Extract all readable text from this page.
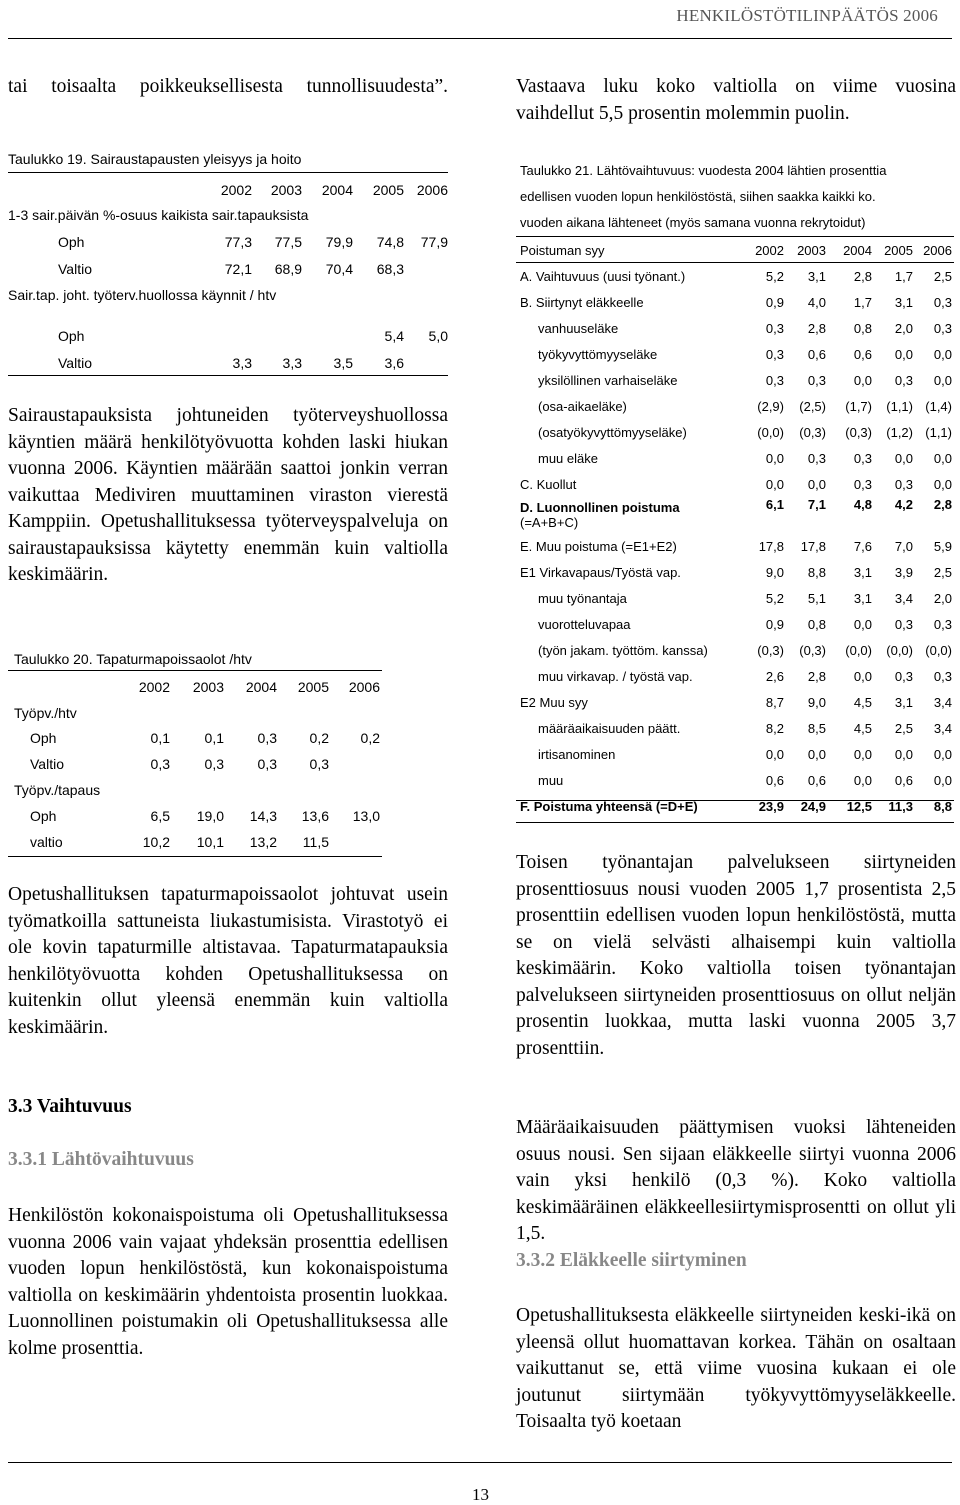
HENKILÖSTÖTILINPÄÄTÖS 2006
tai toisaalta poikkeuksellisesta tunnollisuudesta”.
Taulukko 19. Sairaustapausten yleisyys ja hoito
	2002	2003	2004	2005	2006
1-3 sair.päivän %-osuus kaikista sair.tapauksista					
Oph	77,3	77,5	79,9	74,8	77,9
Valtio	72,1	68,9	70,4	68,3	
Sair.tap. joht. työterv.huollossa käynnit / htv					

Oph				5,4	5,0
Valtio	3,3	3,3	3,5	3,6	
Sairaustapauksista johtuneiden työterveyshuollossa käyntien määrä henkilötyövuotta kohden laski hiukan vuonna 2006. Käyntien määrään saattoi jonkin verran vaikuttaa Mediviren muuttaminen viraston vierestä Kamppiin. Opetushallituksessa työterveyspalveluja on sairaustapauksissa käytetty enemmän kuin valtiolla keskimäärin.
Taulukko 20. Tapaturmapoissaolot /htv
	2002	2003	2004	2005	2006
Työpv./htv					
Oph	0,1	0,1	0,3	0,2	0,2
Valtio	0,3	0,3	0,3	0,3	
Työpv./tapaus					
Oph	6,5	19,0	14,3	13,6	13,0
valtio	10,2	10,1	13,2	11,5	
Opetushallituksen tapaturmapoissaolot johtuvat usein työmatkoilla sattuneista liukastumisista. Virastotyö ei ole kovin tapaturmille altistavaa. Tapaturmatapauksia henkilötyövuotta kohden Opetushallituksessa on kuitenkin ollut yleensä enemmän kuin valtiolla keskimäärin.
3.3 Vaihtuvuus
3.3.1 Lähtövaihtuvuus
Henkilöstön kokonaispoistuma oli Opetushallituksessa vuonna 2006 vain vajaat yhdeksän prosenttia edellisen vuoden lopun henkilöstöstä, kun kokonaispoistuma valtiolla on keskimäärin yhdentoista prosentin luokkaa. Luonnollinen poistumakin oli Opetushallituksessa alle kolme prosenttia.
Vastaava luku koko valtiolla on viime vuosina vaihdellut 5,5 prosentin molemmin puolin.
Taulukko 21. Lähtövaihtuvuus: vuodesta 2004 lähtien prosenttia
edellisen vuoden lopun henkilöstöstä, siihen saakka kaikki ko.
vuoden aikana lähteneet (myös samana vuonna rekrytoidut)
Poistuman syy	2002	2003	2004	2005	2006

A. Vaihtuvuus (uusi työnant.)	5,2	3,1	2,8	1,7	2,5

B. Siirtynyt eläkkeelle	0,9	4,0	1,7	3,1	0,3

vanhuuseläke	0,3	2,8	0,8	2,0	0,3

työkyvyttömyyseläke	0,3	0,6	0,6	0,0	0,0

yksilöllinen varhaiseläke	0,3	0,3	0,0	0,3	0,0

(osa-aikaeläke)	(2,9)	(2,5)	(1,7)	(1,1)	(1,4)

(osatyökyvyttömyyseläke)	(0,0)	(0,3)	(0,3)	(1,2)	(1,1)

muu eläke	0,0	0,3	0,3	0,0	0,0

C. Kuollut	0,0	0,0	0,3	0,3	0,0

D. Luonnollinen poistuma
(=A+B+C)	6,1	7,1	4,8	4,2	2,8

E. Muu poistuma (=E1+E2)	17,8	17,8	7,6	7,0	5,9

E1 Virkavapaus/Työstä vap.	9,0	8,8	3,1	3,9	2,5

muu työnantaja	5,2	5,1	3,1	3,4	2,0

vuorotteluvapaa	0,9	0,8	0,0	0,3	0,3

(työn jakam. työttöm. kanssa)	(0,3)	(0,3)	(0,0)	(0,0)	(0,0)

muu virkavap. / työstä vap.	2,6	2,8	0,0	0,3	0,3

E2 Muu syy	8,7	9,0	4,5	3,1	3,4

määräaikaisuuden päätt.	8,2	8,5	4,5	2,5	3,4

irtisanominen	0,0	0,0	0,0	0,0	0,0

muu	0,6	0,6	0,0	0,6	0,0

F. Poistuma yhteensä (=D+E)	23,9	24,9	12,5	11,3	8,8
Toisen työnantajan palvelukseen siirtyneiden prosenttiosuus nousi vuoden 2005 1,7 prosentista 2,5 prosenttiin edellisen vuoden lopun henkilöstöstä, mutta se on vielä selvästi alhaisempi kuin valtiolla keskimäärin. Koko valtiolla toisen työnantajan palvelukseen siirtyneiden prosenttiosuus on ollut neljän prosentin luokkaa, mutta laski vuonna 2005 3,7 prosenttiin.
Määräaikaisuuden päättymisen vuoksi lähteneiden osuus nousi. Sen sijaan eläkkeelle siirtyi vuonna 2006 vain yksi henkilö (0,3 %). Koko valtiolla keskimääräinen eläkkeellesiirtymisprosentti on ollut yli 1,5.
3.3.2 Eläkkeelle siirtyminen
Opetushallituksesta eläkkeelle siirtyneiden keski-ikä on yleensä ollut huomattavan korkea. Tähän on osaltaan vaikuttanut se, että viime vuosina kukaan ei ole joutunut siirtymään työkyvyttömyyseläkkeelle. Toisaalta työ koetaan
13
